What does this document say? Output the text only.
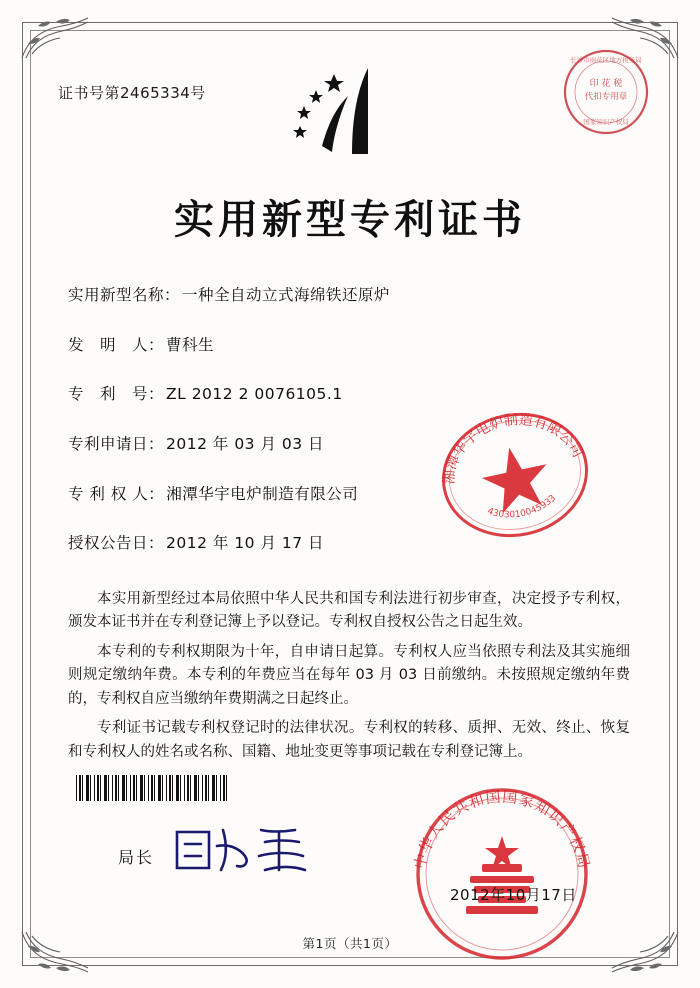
证书号第2465334号	印 花 税
代扣专用章
长沙市雨花区地方税务局
国家知识产权局
实用新型专利证书
实用新型名称： 一种全自动立式海绵铁还原炉
发　明　人： 曹科生
专　利　号： ZL 2012 2 0076105.1
专利申请日： 2012 年 03 月 03 日
专 利 权 人： 湘潭华宇电炉制造有限公司
授权公告日： 2012 年 10 月 17 日
湘潭华宇电炉制造有限公司
4303010045933

本实用新型经过本局依照中华人民共和国专利法进行初步审查，决定授予专利权，颁发本证书并在专利登记簿上予以登记。专利权自授权公告之日起生效。

本专利的专利权期限为十年，自申请日起算。专利权人应当依照专利法及其实施细则规定缴纳年费。本专利的年费应当在每年 03 月 03 日前缴纳。未按照规定缴纳年费的，专利权自应当缴纳年费期满之日起终止。

专利证书记载专利权登记时的法律状况。专利权的转移、质押、无效、终止、恢复和专利权人的姓名或名称、国籍、地址变更等事项记载在专利登记簿上。

局长	中华人民共和国国家知识产权局
2012年10月17日
第1页（共1页）
